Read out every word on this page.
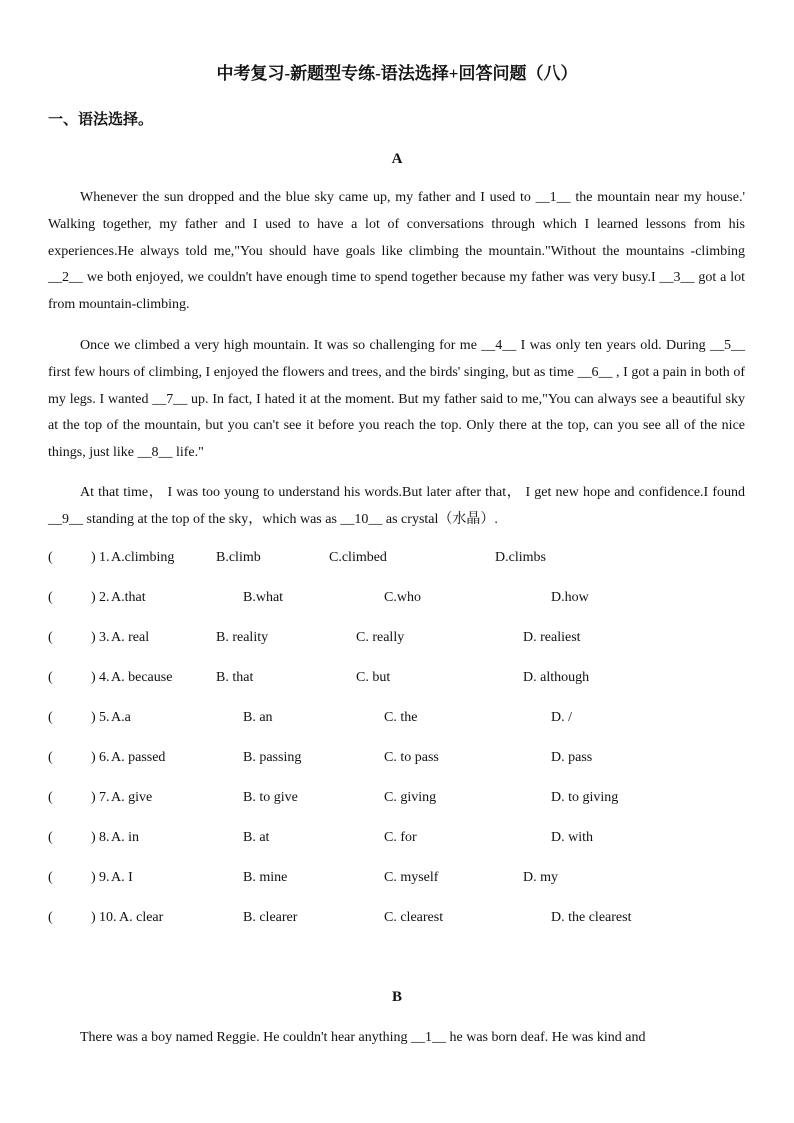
中考复习-新题型专练-语法选择+回答问题（八）
一、语法选择。
A

Whenever the sun dropped and the blue sky came up, my father and I used to __1__ the mountain near my house.' Walking together, my father and I used to have a lot of conversations through which I learned lessons from his experiences.He always told me,"You should have goals like climbing the mountain."Without the mountains -climbing __2__ we both enjoyed, we couldn't have enough time to spend together because my father was very busy.I __3__ got a lot from mountain-climbing.

Once we climbed a very high mountain. It was so challenging for me __4__ I was only ten years old. During __5__ first few hours of climbing, I enjoyed the flowers and trees, and the birds' singing, but as time __6__ , I got a pain in both of my legs. I wanted __7__ up. In fact, I hated it at the moment. But my father said to me,"You can always see a beautiful sky at the top of the mountain, but you can't see it before you reach the top. Only there at the top, can you see all of the nice things, just like __8__ life."

At that time， I was too young to understand his words.But later after that， I get new hope and confidence.I found __9__ standing at the top of the sky，which was as __10__ as crystal（水晶）.

(	) 1. A.climbing	B.climb	C.climbed	D.climbs
(	) 2. A.that	B.what	C.who	D.how
(	) 3. A. real	B. reality	C. really	D. realiest
(	) 4. A. because	B. that	C. but	D. although
(	) 5. A.a	B. an	C. the	D. /
(	) 6. A. passed	B. passing	C. to pass	D. pass
(	) 7. A. give	B. to give	C. giving	D. to giving
(	) 8. A. in	B. at	C. for	D. with
(	) 9. A. I	B. mine	C. myself	D. my
(	) 10. A. clear	B. clearer	C. clearest	D. the clearest
B

There was a boy named Reggie. He couldn't hear anything __1__ he was born deaf. He was kind and
